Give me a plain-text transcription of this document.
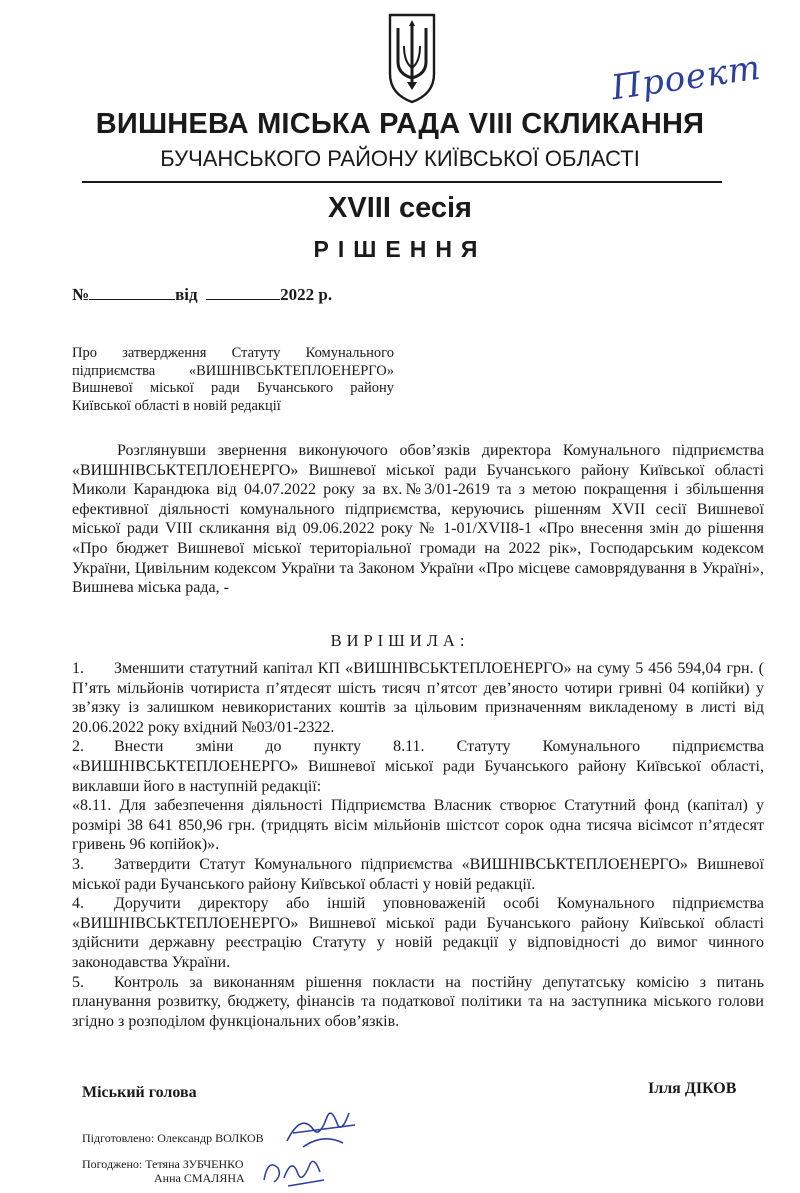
Проект
ВИШНЕВА МІСЬКА РАДА VIII СКЛИКАННЯ
БУЧАНСЬКОГО РАЙОНУ КИЇВСЬКОЇ ОБЛАСТІ
XVIII сесія
РІШЕННЯ
№	від	2022 р.
Про затвердження Статуту Комунального підприємства «ВИШНІВСЬКТЕПЛОЕНЕРГО» Вишневої міської ради Бучанського району Київської області в новій редакції
Розглянувши звернення виконуючого обов’язків директора Комунального підприємства «ВИШНІВСЬКТЕПЛОЕНЕРГО» Вишневої міської ради Бучанського району Київської області Миколи Карандюка від 04.07.2022 року за вх.№3/01-2619 та з метою покращення і збільшення ефективної діяльності комунального підприємства, керуючись рішенням XVII сесії Вишневої міської ради VIII скликання від 09.06.2022 року № 1-01/XVII8-1 «Про внесення змін до рішення «Про бюджет Вишневої міської територіальної громади на 2022 рік», Господарським кодексом України, Цивільним кодексом України та Законом України «Про місцеве самоврядування в Україні», Вишнева міська рада, -
ВИРІШИЛА:

1. Зменшити статутний капітал КП «ВИШНІВСЬКТЕПЛОЕНЕРГО» на суму 5 456 594,04 грн. ( П’ять мільйонів чотириста п’ятдесят шість тисяч п’ятсот дев’яносто чотири гривні 04 копійки) у зв’язку із залишком невикористаних коштів за цільовим призначенням викладеному в листі від 20.06.2022 року вхідний №03/01-2322.

2. Внести зміни до пункту 8.11. Статуту Комунального підприємства «ВИШНІВСЬКТЕПЛОЕНЕРГО» Вишневої міської ради Бучанського району Київської області, виклавши його в наступній редакції:

«8.11. Для забезпечення діяльності Підприємства Власник створює Статутний фонд (капітал) у розмірі 38 641 850,96 грн. (тридцять вісім мільйонів шістсот сорок одна тисяча вісімсот п’ятдесят гривень 96 копійок)».

3. Затвердити Статут Комунального підприємства «ВИШНІВСЬКТЕПЛОЕНЕРГО» Вишневої міської ради Бучанського району Київської області у новій редакції.

4. Доручити директору або іншій уповноваженій особі Комунального підприємства «ВИШНІВСЬКТЕПЛОЕНЕРГО» Вишневої міської ради Бучанського району Київської області здійснити державну реєстрацію Статуту у новій редакції у відповідності до вимог чинного законодавства України.

5. Контроль за виконанням рішення покласти на постійну депутатську комісію з питань планування розвитку, бюджету, фінансів та податкової політики та на заступника міського голови згідно з розподілом функціональних обов’язків.

Міський голова	Ілля ДІКОВ
Підготовлено: Олександр ВОЛКОВ
Погоджено: Тетяна ЗУБЧЕНКО
Анна СМАЛЯНА
